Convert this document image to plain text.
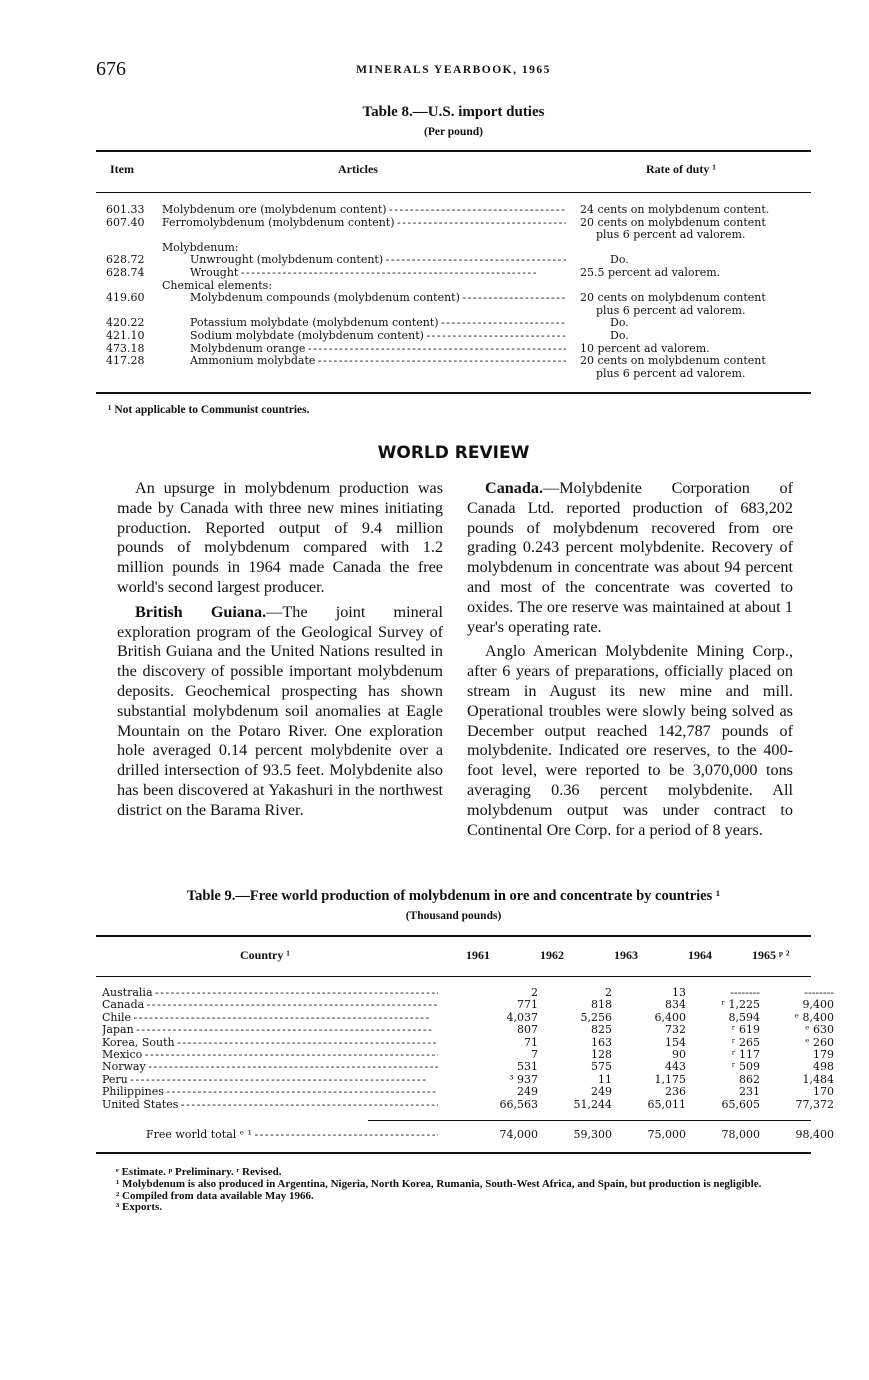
676	MINERALS YEARBOOK, 1965
Table 8.—U.S. import duties
(Per pound)
Item	Articles	Rate of duty ¹
601.33 Molybdenum ore (molybdenum content) - - -	24 cents on molybdenum content.
607.40 Ferromolybdenum (molybdenum content) - - -	20 cents on molybdenum content
plus 6 percent ad valorem.
Molybdenum:
628.72	Unwrought (molybdenum content) - - -	Do.
628.74	Wrought - - -	25.5 percent ad valorem.
Chemical elements:
419.60	Molybdenum compounds (molybdenum content) - - -	20 cents on molybdenum content
plus 6 percent ad valorem.
420.22	Potassium molybdate (molybdenum content) - - -	Do.
421.10	Sodium molybdate (molybdenum content) - - -	Do.
473.18	Molybdenum orange - - -	10 percent ad valorem.
417.28	Ammonium molybdate - - -	20 cents on molybdenum content
plus 6 percent ad valorem.
¹ Not applicable to Communist countries.
WORLD REVIEW

An upsurge in molybdenum production was made by Canada with three new mines initiating production. Reported output of 9.4 million pounds of molybdenum compared with 1.2 million pounds in 1964 made Canada the free world's second largest producer.

British Guiana.—The joint mineral exploration program of the Geological Survey of British Guiana and the United Nations resulted in the discovery of possible important molybdenum deposits. Geochemical prospecting has shown substantial molybdenum soil anomalies at Eagle Mountain on the Potaro River. One exploration hole averaged 0.14 percent molybdenite over a drilled intersection of 93.5 feet. Molybdenite also has been discovered at Yakashuri in the northwest district on the Barama River.

Canada.—Molybdenite Corporation of Canada Ltd. reported production of 683,202 pounds of molybdenum recovered from ore grading 0.243 percent molybdenite. Recovery of molybdenum in concentrate was about 94 percent and most of the concentrate was coverted to oxides. The ore reserve was maintained at about 1 year's operating rate.

Anglo American Molybdenite Mining Corp., after 6 years of preparations, officially placed on stream in August its new mine and mill. Operational troubles were slowly being solved as December output reached 142,787 pounds of molybdenite. Indicated ore reserves, to the 400-foot level, were reported to be 3,070,000 tons averaging 0.36 percent molybdenite. All molybdenum output was under contract to Continental Ore Corp. for a period of 8 years.

Table 9.—Free world production of molybdenum in ore and concentrate by countries ¹
(Thousand pounds)
Country ¹	1961	1962	1963	1964	1965 ᵖ ²
Australia - - -	2	2	13	--------	--------
Canada - - -	771	818	834	ʳ 1,225	9,400
Chile - - -	4,037	5,256	6,400	8,594	ᵉ 8,400
Japan - - -	807	825	732	ʳ 619	ᵉ 630
Korea, South - - -	71	163	154	ʳ 265	ᵉ 260
Mexico - - -	7	128	90	ʳ 117	179
Norway - - -	531	575	443	ʳ 509	498
Peru - - -	³ 937	11	1,175	862	1,484
Philippines - - -	249	249	236	231	170
United States - - -	66,563	51,244	65,011	65,605	77,372
Free world total ᵉ ¹ - - -	74,000	59,300	75,000	78,000	98,400
ᵉ Estimate. ᵖ Preliminary. ʳ Revised.
¹ Molybdenum is also produced in Argentina, Nigeria, North Korea, Rumania, South-West Africa, and Spain, but production is negligible.
² Compiled from data available May 1966.
³ Exports.
